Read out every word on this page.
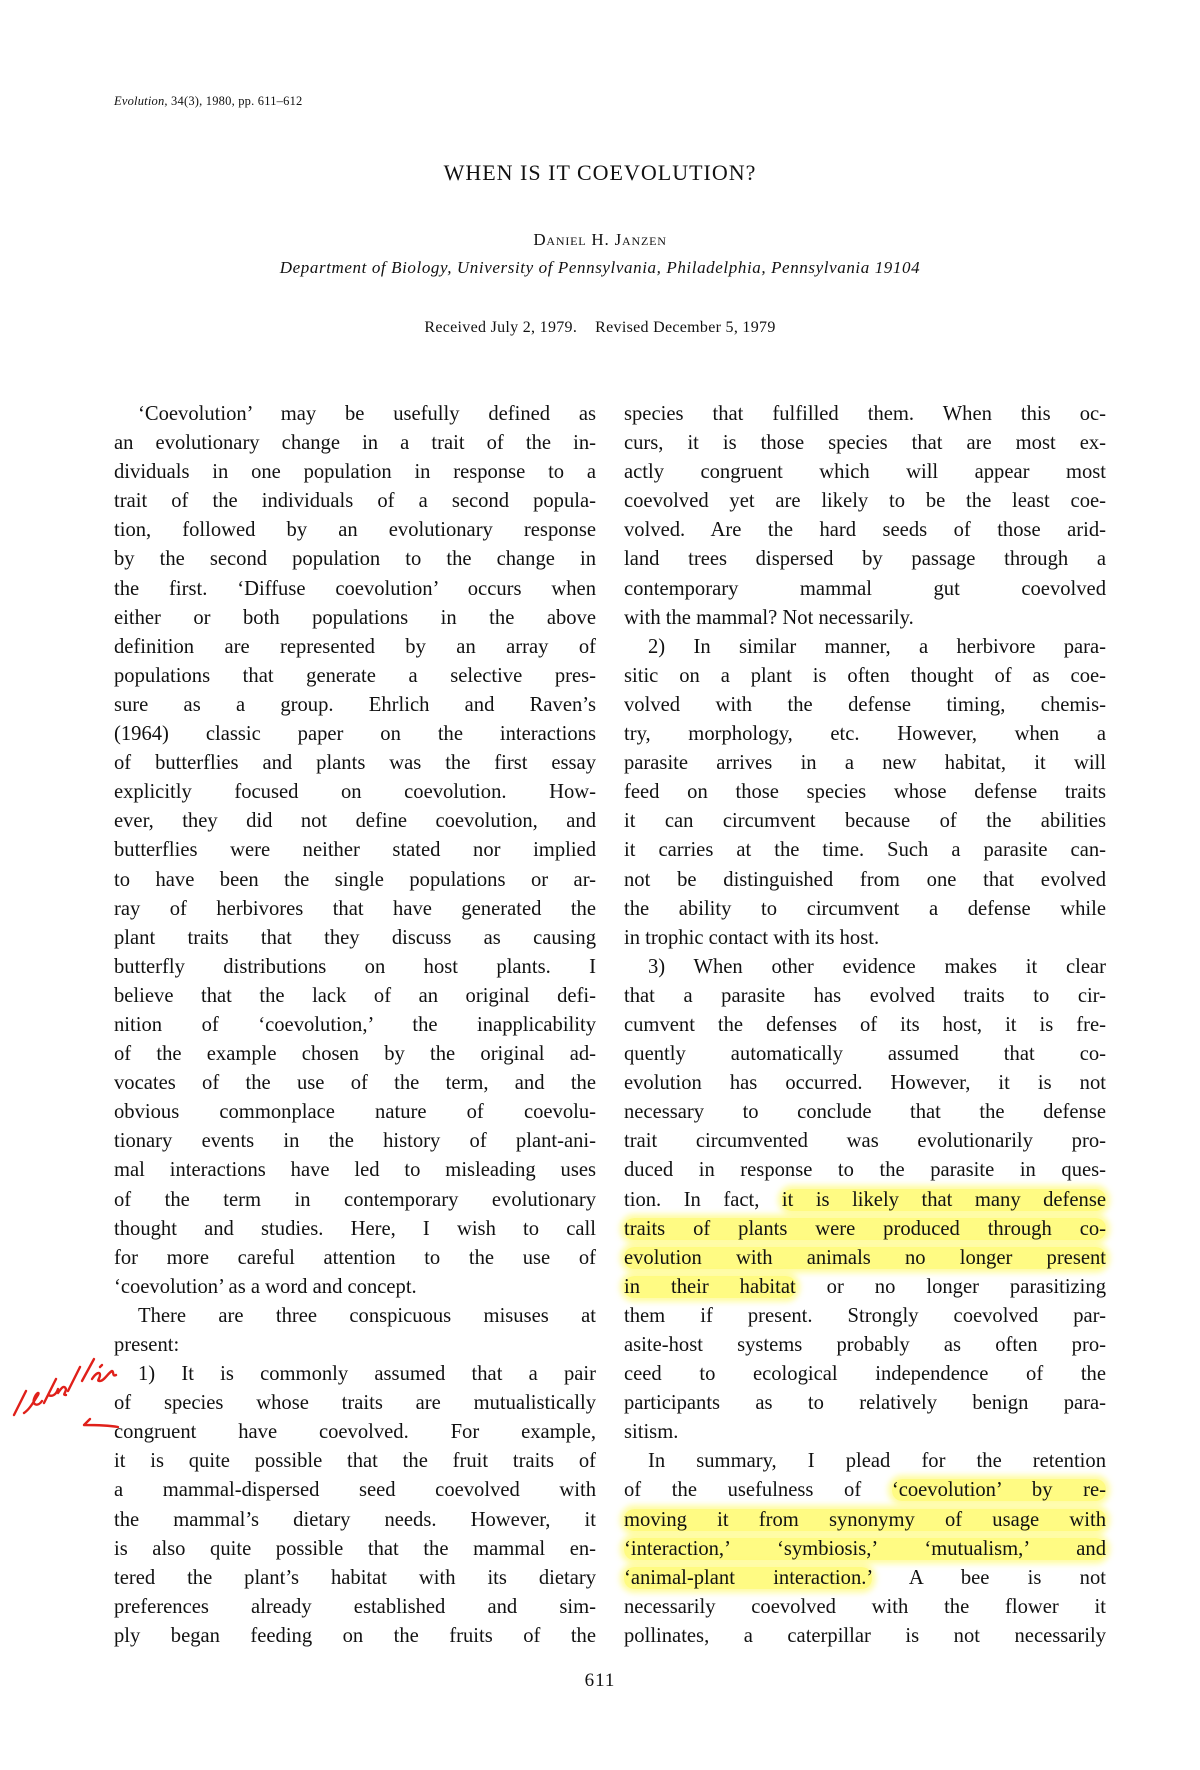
Evolution, 34(3), 1980, pp. 611–612
WHEN IS IT COEVOLUTION?
Daniel H. Janzen
Department of Biology, University of Pennsylvania, Philadelphia, Pennsylvania 19104
Received July 2, 1979. Revised December 5, 1979
‘Coevolution’ may be usefully defined as
an evolutionary change in a trait of the in-
dividuals in one population in response to a
trait of the individuals of a second popula-
tion, followed by an evolutionary response
by the second population to the change in
the first. ‘Diffuse coevolution’ occurs when
either or both populations in the above
definition are represented by an array of
populations that generate a selective pres-
sure as a group. Ehrlich and Raven’s
(1964) classic paper on the interactions
of butterflies and plants was the first essay
explicitly focused on coevolution. How-
ever, they did not define coevolution, and
butterflies were neither stated nor implied
to have been the single populations or ar-
ray of herbivores that have generated the
plant traits that they discuss as causing
butterfly distributions on host plants. I
believe that the lack of an original defi-
nition of ‘coevolution,’ the inapplicability
of the example chosen by the original ad-
vocates of the use of the term, and the
obvious commonplace nature of coevolu-
tionary events in the history of plant-ani-
mal interactions have led to misleading uses
of the term in contemporary evolutionary
thought and studies. Here, I wish to call
for more careful attention to the use of
‘coevolution’ as a word and concept.
There are three conspicuous misuses at
present:
1) It is commonly assumed that a pair
of species whose traits are mutualistically
congruent have coevolved. For example,
it is quite possible that the fruit traits of
a mammal-dispersed seed coevolved with
the mammal’s dietary needs. However, it
is also quite possible that the mammal en-
tered the plant’s habitat with its dietary
preferences already established and sim-
ply began feeding on the fruits of the
species that fulfilled them. When this oc-
curs, it is those species that are most ex-
actly congruent which will appear most
coevolved yet are likely to be the least coe-
volved. Are the hard seeds of those arid-
land trees dispersed by passage through a
contemporary mammal gut coevolved
with the mammal? Not necessarily.
2) In similar manner, a herbivore para-
sitic on a plant is often thought of as coe-
volved with the defense timing, chemis-
try, morphology, etc. However, when a
parasite arrives in a new habitat, it will
feed on those species whose defense traits
it can circumvent because of the abilities
it carries at the time. Such a parasite can-
not be distinguished from one that evolved
the ability to circumvent a defense while
in trophic contact with its host.
3) When other evidence makes it clear
that a parasite has evolved traits to cir-
cumvent the defenses of its host, it is fre-
quently automatically assumed that co-
evolution has occurred. However, it is not
necessary to conclude that the defense
trait circumvented was evolutionarily pro-
duced in response to the parasite in ques-
tion. In fact, it is likely that many defense
traits of plants were produced through co-
evolution with animals no longer present
in their habitat or no longer parasitizing
them if present. Strongly coevolved par-
asite-host systems probably as often pro-
ceed to ecological independence of the
participants as to relatively benign para-
sitism.
In summary, I plead for the retention
of the usefulness of ‘coevolution’ by re-
moving it from synonymy of usage with
‘interaction,’ ‘symbiosis,’ ‘mutualism,’ and
‘animal-plant interaction.’ A bee is not
necessarily coevolved with the flower it
pollinates, a caterpillar is not necessarily
611
